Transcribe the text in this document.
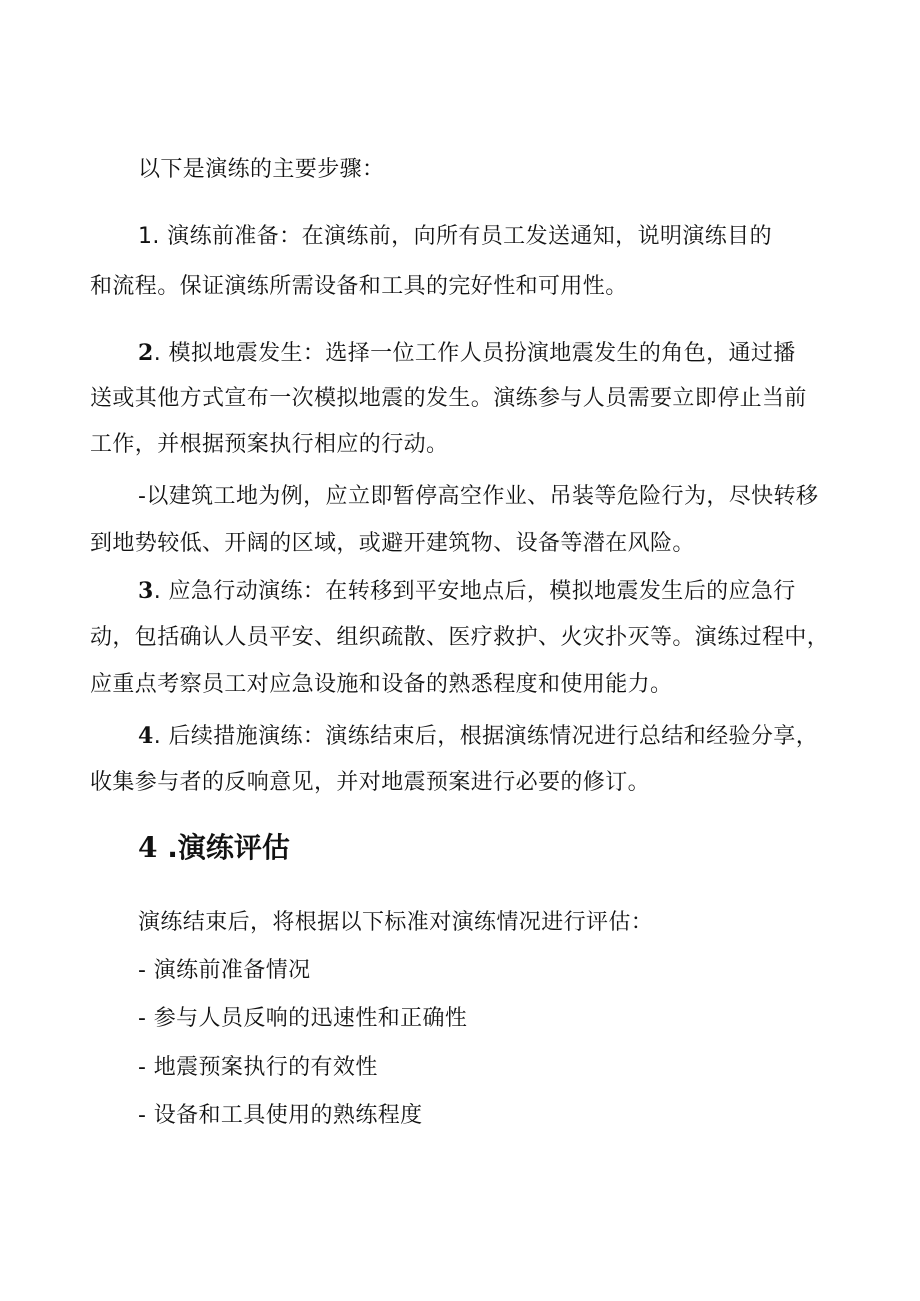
以下是演练的主要步骤：
1. 演练前准备：在演练前，向所有员工发送通知，说明演练目的
和流程。保证演练所需设备和工具的完好性和可用性。
2. 模拟地震发生：选择一位工作人员扮演地震发生的角色，通过播
送或其他方式宣布一次模拟地震的发生。演练参与人员需要立即停止当前
工作，并根据预案执行相应的行动。
-以建筑工地为例，应立即暂停高空作业、吊装等危险行为，尽快转移
到地势较低、开阔的区域，或避开建筑物、设备等潜在风险。
3. 应急行动演练：在转移到平安地点后，模拟地震发生后的应急行
动，包括确认人员平安、组织疏散、医疗救护、火灾扑灭等。演练过程中，
应重点考察员工对应急设施和设备的熟悉程度和使用能力。
4. 后续措施演练：演练结束后，根据演练情况进行总结和经验分享，
收集参与者的反响意见，并对地震预案进行必要的修订。
4 .演练评估
演练结束后，将根据以下标准对演练情况进行评估：
- 演练前准备情况
- 参与人员反响的迅速性和正确性
- 地震预案执行的有效性
- 设备和工具使用的熟练程度
